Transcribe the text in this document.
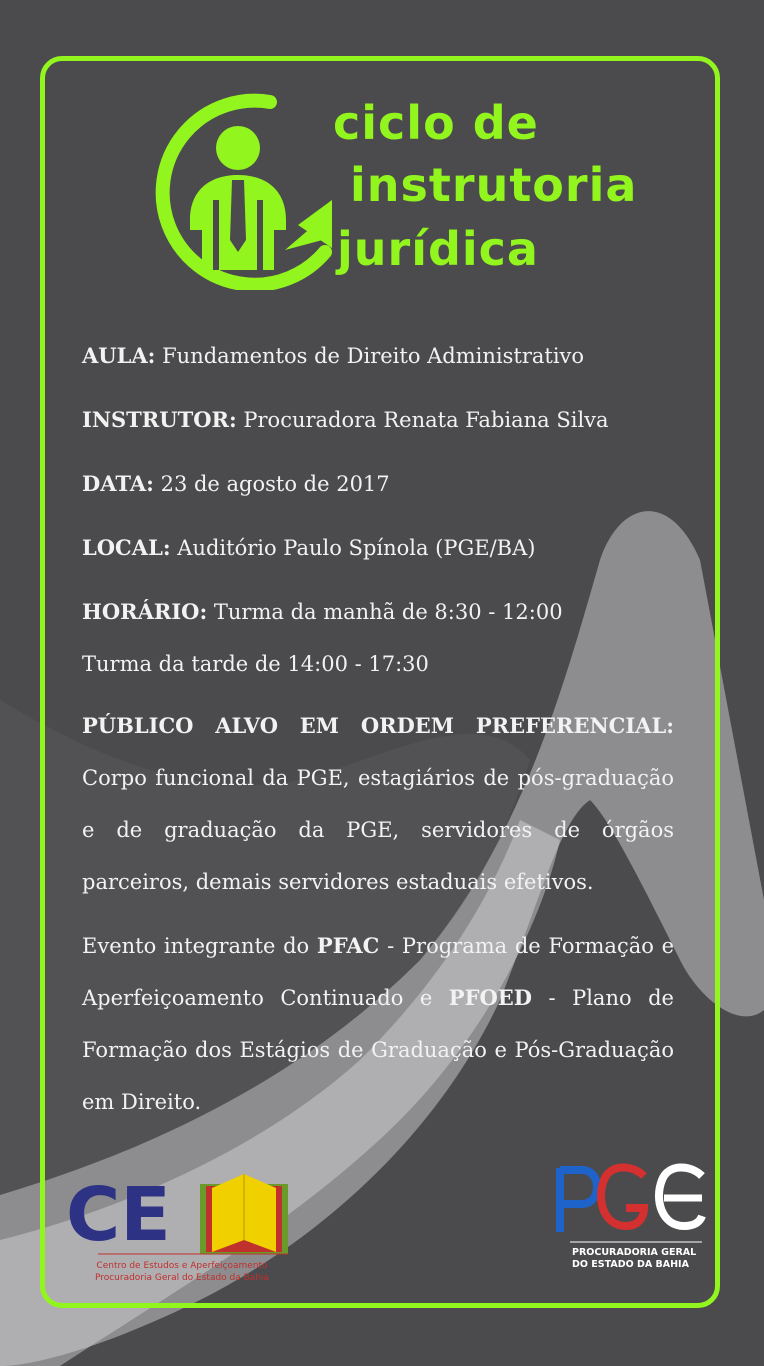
ciclo de
instrutoria
jurídica
AULA: Fundamentos de Direito Administrativo
INSTRUTOR: Procuradora Renata Fabiana Silva
DATA: 23 de agosto de 2017
LOCAL: Auditório Paulo Spínola (PGE/BA)
HORÁRIO: Turma da manhã de 8:30 - 12:00
Turma da tarde de 14:00 - 17:30

PÚBLICO ALVO EM ORDEM PREFERENCIAL: Corpo funcional da PGE, estagiários de pós-graduação e de graduação da PGE, servidores de órgãos parceiros, demais servidores estaduais efetivos.

Evento integrante do PFAC - Programa de Formação e Aperfeiçoamento Continuado e PFOED - Plano de Formação dos Estágios de Graduação e Pós-Graduação em Direito.

CE
Centro de Estudos e Aperfeiçoamento
Procuradoria Geral do Estado da Bahia
PROCURADORIA GERAL
DO ESTADO DA BAHIA
